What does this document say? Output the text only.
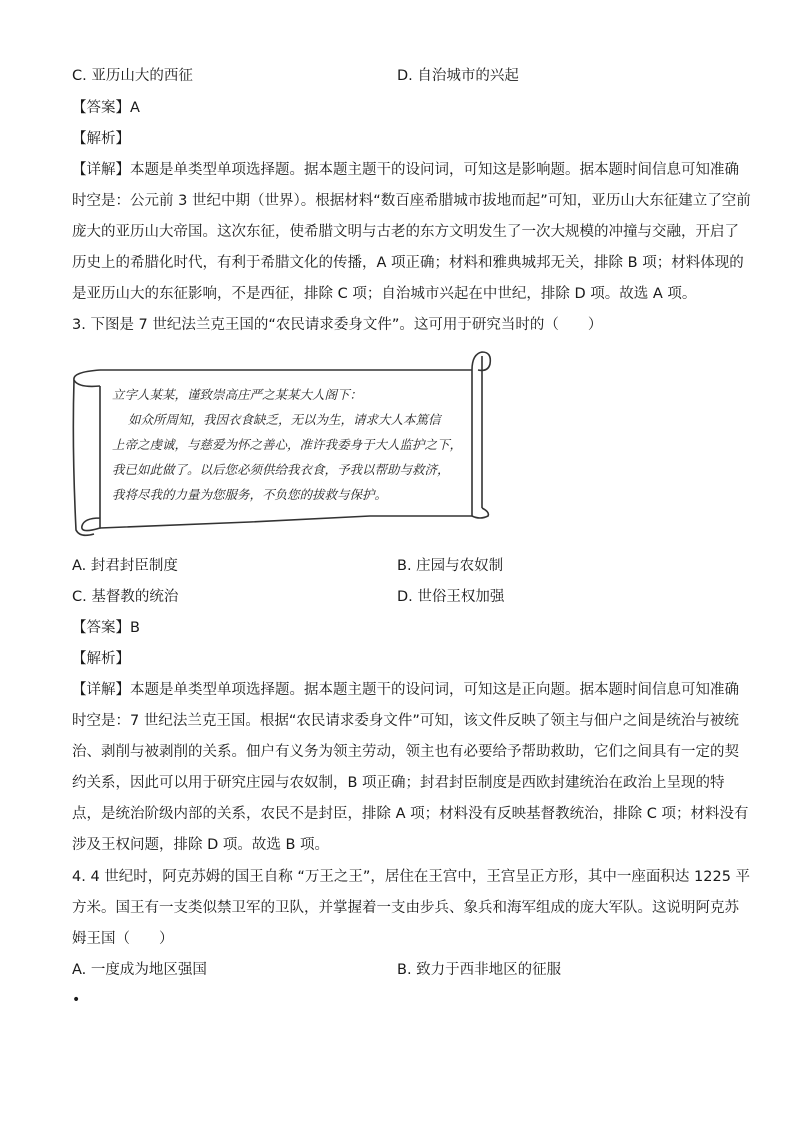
C. 亚历山大的西征	D. 自治城市的兴起
【答案】A
【解析】
【详解】本题是单类型单项选择题。据本题主题干的设问词，可知这是影响题。据本题时间信息可知准确
时空是：公元前 3 世纪中期（世界）。根据材料“数百座希腊城市拔地而起”可知，亚历山大东征建立了空前
庞大的亚历山大帝国。这次东征，使希腊文明与古老的东方文明发生了一次大规模的冲撞与交融，开启了
历史上的希腊化时代，有利于希腊文化的传播，A 项正确；材料和雅典城邦无关，排除 B 项；材料体现的
是亚历山大的东征影响，不是西征，排除 C 项；自治城市兴起在中世纪，排除 D 项。故选 A 项。
3. 下图是 7 世纪法兰克王国的“农民请求委身文件”。这可用于研究当时的（　　）
立字人某某，谨致崇高庄严之某某大人阁下：
如众所周知，我因衣食缺乏，无以为生，请求大人本篤信
上帝之虔诚，与慈爱为怀之善心，准许我委身于大人监护之下，
我已如此做了。以后您必须供给我衣食，予我以帮助与救济，
我将尽我的力量为您服务，不负您的拔救与保护。
A. 封君封臣制度	B. 庄园与农奴制
C. 基督教的统治	D. 世俗王权加强
【答案】B
【解析】
【详解】本题是单类型单项选择题。据本题主题干的设问词，可知这是正向题。据本题时间信息可知准确
时空是：7 世纪法兰克王国。根据“农民请求委身文件”可知，该文件反映了领主与佃户之间是统治与被统
治、剥削与被剥削的关系。佃户有义务为领主劳动，领主也有必要给予帮助救助，它们之间具有一定的契
约关系，因此可以用于研究庄园与农奴制，B 项正确；封君封臣制度是西欧封建统治在政治上呈现的特
点，是统治阶级内部的关系，农民不是封臣，排除 A 项；材料没有反映基督教统治，排除 C 项；材料没有
涉及王权问题，排除 D 项。故选 B 项。
4. 4 世纪时，阿克苏姆的国王自称 “万王之王”，居住在王宫中，王宫呈正方形，其中一座面积达 1225 平
方米。国王有一支类似禁卫军的卫队，并掌握着一支由步兵、象兵和海军组成的庞大军队。这说明阿克苏
姆王国（　　）
A. 一度成为地区强国	B. 致力于西非地区的征服
•
